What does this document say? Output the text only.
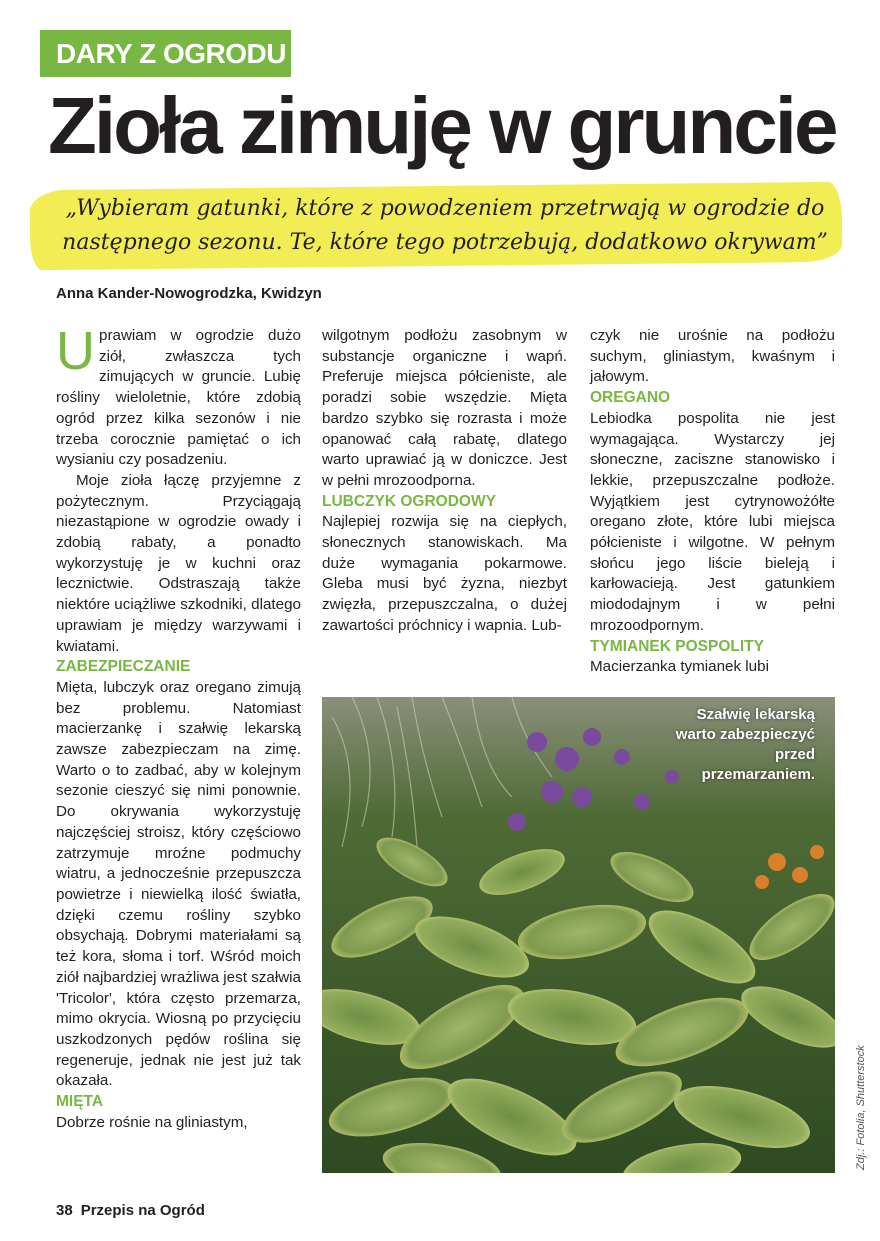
DARY Z OGRODU
Zioła zimuję w gruncie
„Wybieram gatunki, które z powodzeniem przetrwają w ogrodzie do następnego sezonu. Te, które tego potrzebują, dodatkowo okrywam”
Anna Kander-Nowogrodzka, Kwidzyn

Uprawiam w ogrodzie dużo ziół, zwłaszcza tych zimujących w gruncie. Lubię rośliny wieloletnie, które zdobią ogród przez kilka sezonów i nie trzeba corocznie pamiętać o ich wysianiu czy posadzeniu.

Moje zioła łączę przyjemne z pożytecznym. Przyciągają niezastąpione w ogrodzie owady i zdobią rabaty, a ponadto wykorzystuję je w kuchni oraz lecznictwie. Odstraszają także niektóre uciążliwe szkodniki, dlatego uprawiam je między warzywami i kwiatami.

ZABEZPIECZANIE

Mięta, lubczyk oraz oregano zimują bez problemu. Natomiast macierzankę i szałwię lekarską zawsze zabezpieczam na zimę. Warto o to zadbać, aby w kolejnym sezonie cieszyć się nimi ponownie. Do okrywania wykorzystuję najczęściej stroisz, który częściowo zatrzymuje mroźne podmuchy wiatru, a jednocześnie przepuszcza powietrze i niewielką ilość światła, dzięki czemu rośliny szybko obsychają. Dobrymi materiałami są też kora, słoma i torf. Wśród moich ziół najbardziej wrażliwa jest szałwia 'Tricolor', która często przemarza, mimo okrycia. Wiosną po przycięciu uszkodzonych pędów roślina się regeneruje, jednak nie jest już tak okazała.

MIĘTA

Dobrze rośnie na gliniastym,

wilgotnym podłożu zasobnym w substancje organiczne i wapń. Preferuje miejsca półcieniste, ale poradzi sobie wszędzie. Mięta bardzo szybko się rozrasta i może opanować całą rabatę, dlatego warto uprawiać ją w doniczce. Jest w pełni mrozoodporna.

LUBCZYK OGRODOWY

Najlepiej rozwija się na ciepłych, słonecznych stanowiskach. Ma duże wymagania pokarmowe. Gleba musi być żyzna, niezbyt zwięzła, przepuszczalna, o dużej zawartości próchnicy i wapnia. Lub-

czyk nie urośnie na podłożu suchym, gliniastym, kwaśnym i jałowym.

OREGANO

Lebiodka pospolita nie jest wymagająca. Wystarczy jej słoneczne, zaciszne stanowisko i lekkie, przepuszczalne podłoże. Wyjątkiem jest cytrynowożółte oregano złote, które lubi miejsca półcieniste i wilgotne. W pełnym słońcu jego liście bieleją i karłowacieją. Jest gatunkiem miododajnym i w pełni mrozoodpornym.

TYMIANEK POSPOLITY

Macierzanka tymianek lubi

Szałwię lekarską warto zabezpieczyć przed przemarzaniem.
Zdj.: Fotolia, Shutterstock
38 Przepis na Ogród
